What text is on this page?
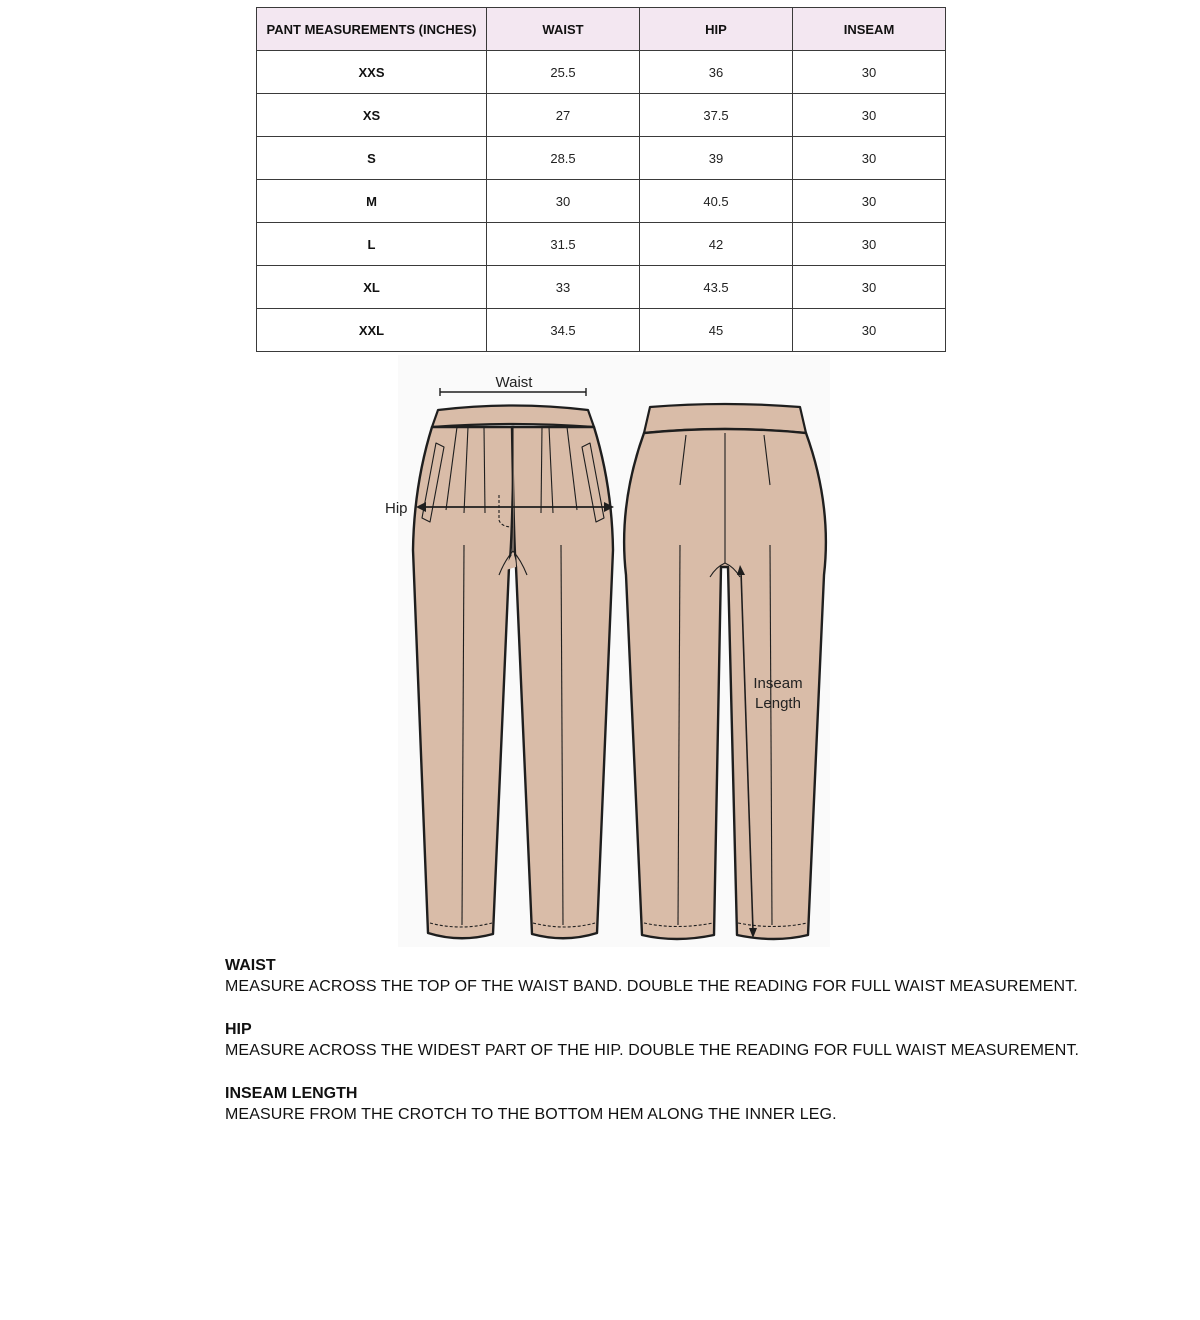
PANT MEASUREMENTS (INCHES)	WAIST	HIP	INSEAM
XXS	25.5	36	30
XS	27	37.5	30
S	28.5	39	30
M	30	40.5	30
L	31.5	42	30
XL	33	43.5	30
XXL	34.5	45	30
Waist
Hip
Inseam
Length

WAIST

MEASURE ACROSS THE TOP OF THE WAIST BAND. DOUBLE THE READING FOR FULL WAIST MEASUREMENT.

HIP

MEASURE ACROSS THE WIDEST PART OF THE HIP. DOUBLE THE READING FOR FULL WAIST MEASUREMENT.

INSEAM LENGTH

MEASURE FROM THE CROTCH TO THE BOTTOM HEM ALONG THE INNER LEG.
